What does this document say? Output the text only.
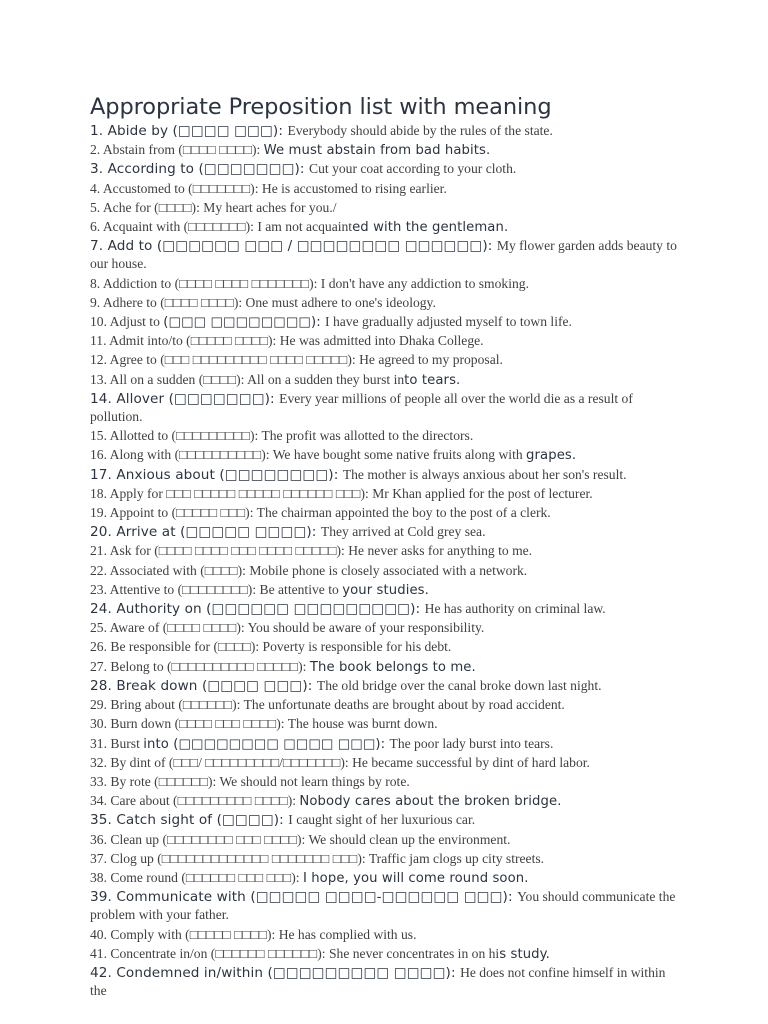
Appropriate Preposition list with meaning
1. Abide by (□□□□ □□□): Everybody should abide by the rules of the state.
2. Abstain from (□□□□ □□□□): We must abstain from bad habits.
3. According to (□□□□□□□): Cut your coat according to your cloth.
4. Accustomed to (□□□□□□□): He is accustomed to rising earlier.
5. Ache for (□□□□): My heart aches for you./
6. Acquaint with (□□□□□□□): I am not acquainted with the gentleman.
7. Add to (□□□□□□ □□□ / □□□□□□□□ □□□□□□): My flower garden adds beauty to our house.
8. Addiction to (□□□□ □□□□ □□□□□□□): I don't have any addiction to smoking.
9. Adhere to (□□□□ □□□□): One must adhere to one's ideology.
10. Adjust to (□□□ □□□□□□□□): I have gradually adjusted myself to town life.
11. Admit into/to (□□□□□ □□□□): He was admitted into Dhaka College.
12. Agree to (□□□ □□□□□□□□□ □□□□ □□□□□): He agreed to my proposal.
13. All on a sudden (□□□□): All on a sudden they burst into tears.
14. Allover (□□□□□□□): Every year millions of people all over the world die as a result of pollution.
15. Allotted to (□□□□□□□□□): The profit was allotted to the directors.
16. Along with (□□□□□□□□□□): We have bought some native fruits along with grapes.
17. Anxious about (□□□□□□□□): The mother is always anxious about her son's result.
18. Apply for □□□ □□□□□ □□□□□ □□□□□□ □□□): Mr Khan applied for the post of lecturer.
19. Appoint to (□□□□□ □□□): The chairman appointed the boy to the post of a clerk.
20. Arrive at (□□□□□ □□□□): They arrived at Cold grey sea.
21. Ask for (□□□□ □□□□ □□□ □□□□ □□□□□): He never asks for anything to me.
22. Associated with (□□□□): Mobile phone is closely associated with a network.
23. Attentive to (□□□□□□□□): Be attentive to your studies.
24. Authority on (□□□□□□ □□□□□□□□□): He has authority on criminal law.
25. Aware of (□□□□ □□□□): You should be aware of your responsibility.
26. Be responsible for (□□□□): Poverty is responsible for his debt.
27. Belong to (□□□□□□□□□□ □□□□□): The book belongs to me.
28. Break down (□□□□ □□□): The old bridge over the canal broke down last night.
29. Bring about (□□□□□□): The unfortunate deaths are brought about by road accident.
30. Burn down (□□□□ □□□ □□□□): The house was burnt down.
31. Burst into (□□□□□□□□ □□□□ □□□): The poor lady burst into tears.
32. By dint of (□□□/ □□□□□□□□□/□□□□□□□): He became successful by dint of hard labor.
33. By rote (□□□□□□): We should not learn things by rote.
34. Care about (□□□□□□□□□ □□□□): Nobody cares about the broken bridge.
35. Catch sight of (□□□□): I caught sight of her luxurious car.
36. Clean up (□□□□□□□□ □□□ □□□□): We should clean up the environment.
37. Clog up (□□□□□□□□□□□□□ □□□□□□□ □□□): Traffic jam clogs up city streets.
38. Come round (□□□□□□ □□□ □□□): I hope, you will come round soon.
39. Communicate with (□□□□□ □□□□-□□□□□□ □□□): You should communicate the problem with your father.
40. Comply with (□□□□□ □□□□): He has complied with us.
41. Concentrate in/on (□□□□□□ □□□□□□): She never concentrates in on his study.
42. Condemned in/within (□□□□□□□□□ □□□□): He does not confine himself in within the
